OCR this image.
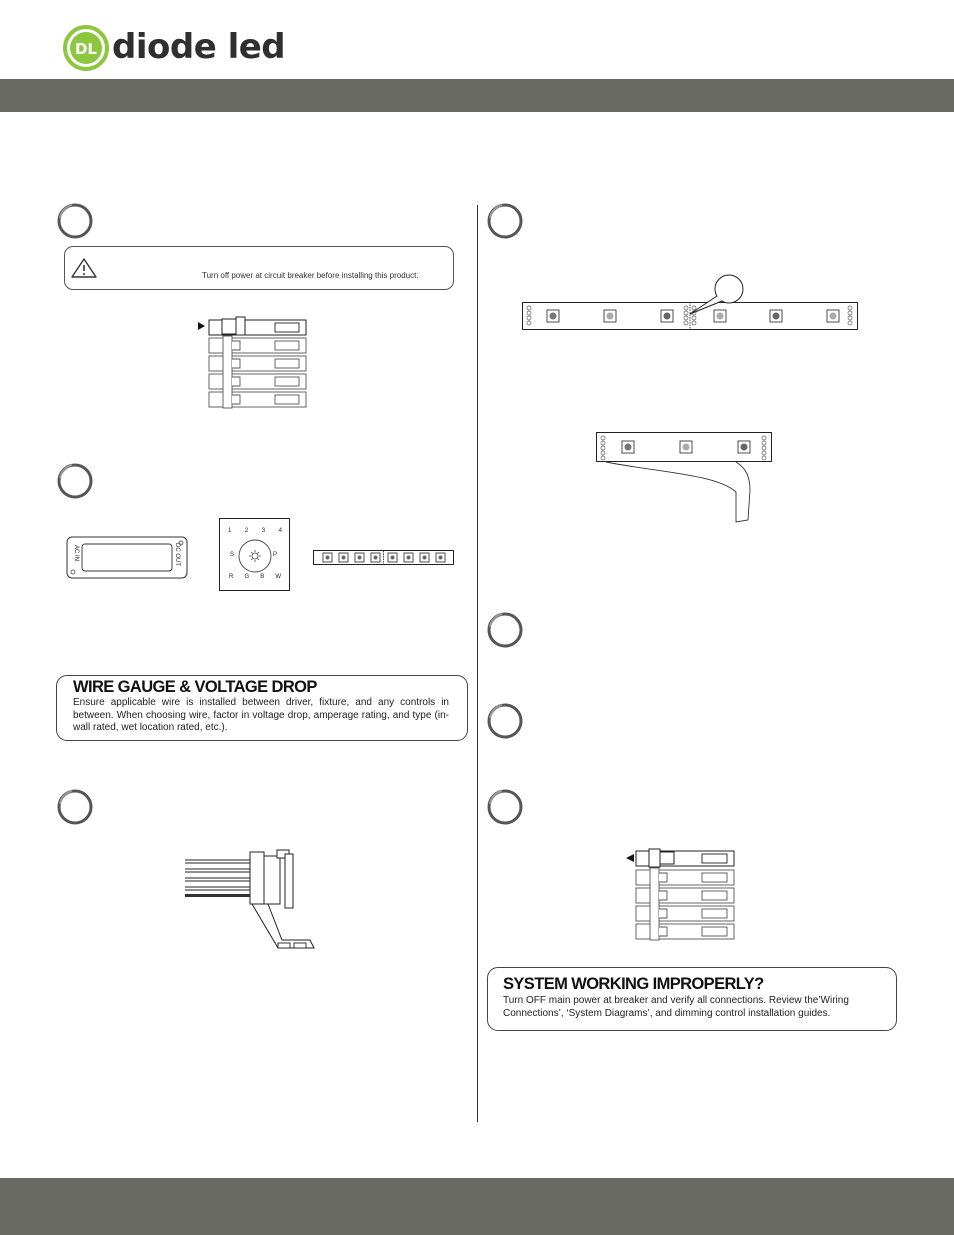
DL diode led
Turn off power at circuit breaker before installing this product.
AC IN	DC OUT
1 2 3 4
S	P
R G B W
WIRE GAUGE & VOLTAGE DROP
Ensure applicable wire is installed between driver, fixture, and any controls in between. When choosing wire, factor in voltage drop, amperage rating, and type (in-wall rated, wet location rated, etc.).
SYSTEM WORKING IMPROPERLY?
Turn OFF main power at breaker and verify all connections. Review the’Wiring Connections’, ‘System Diagrams’, and dimming control installation guides.
